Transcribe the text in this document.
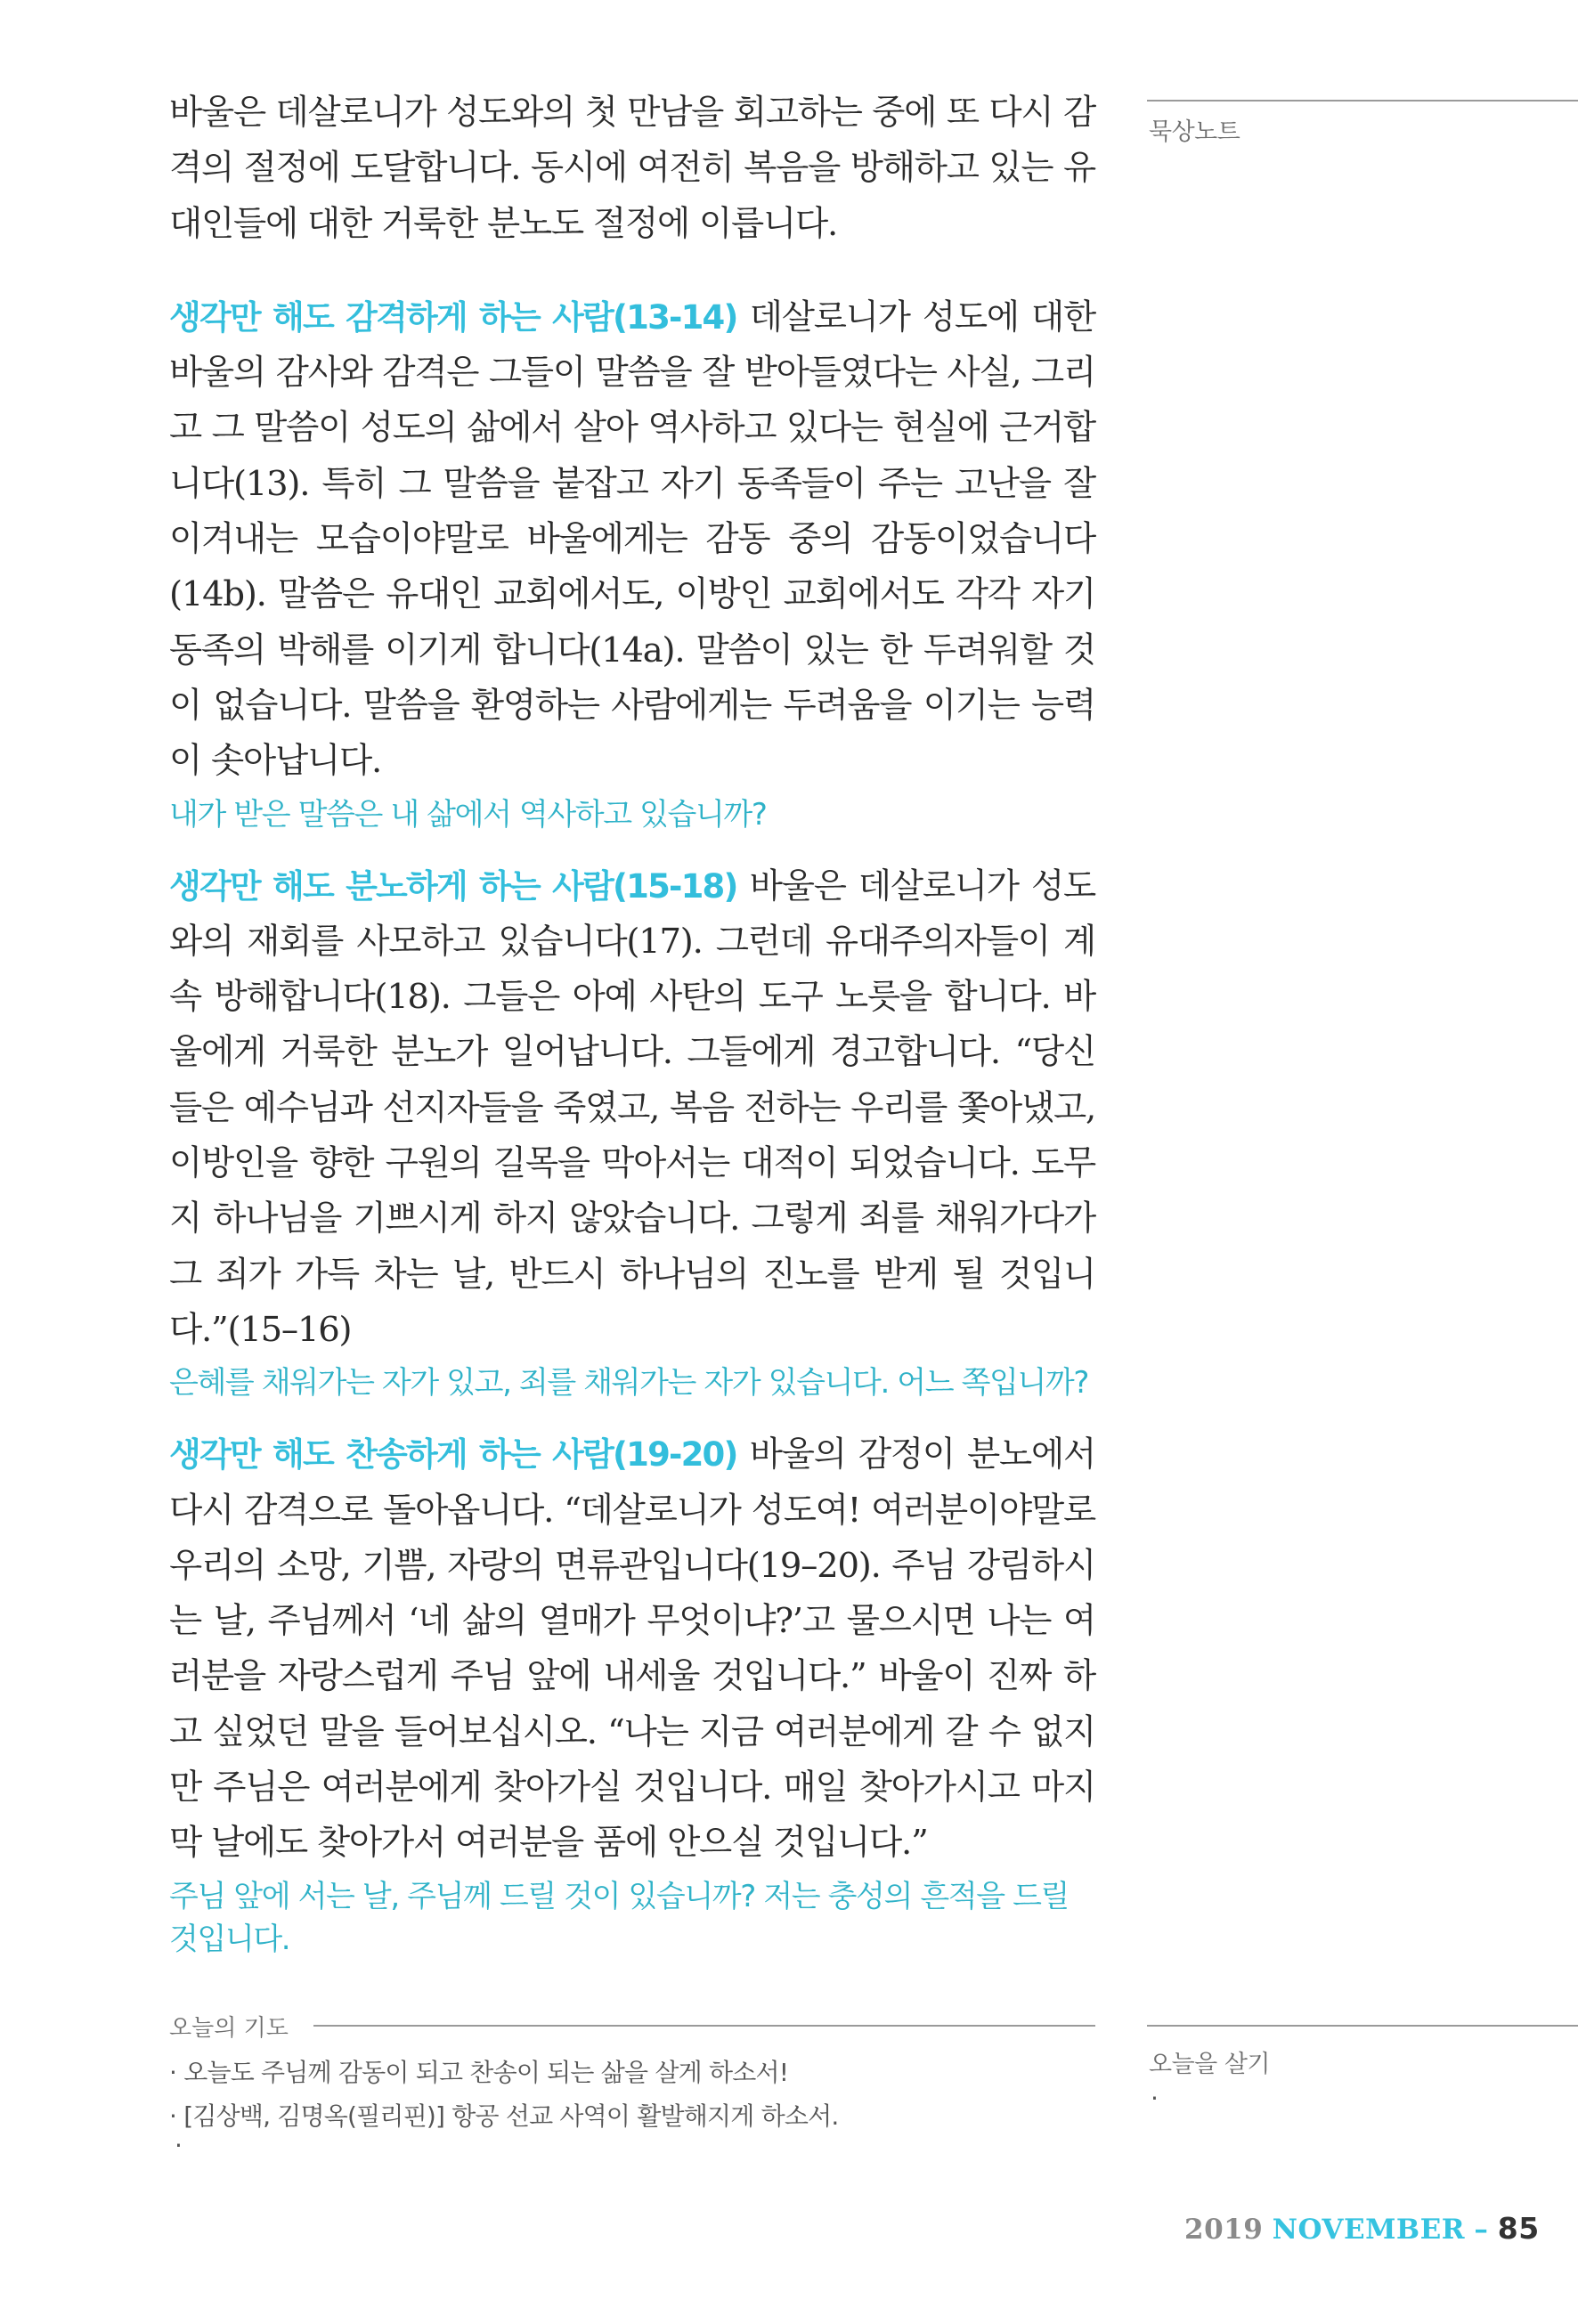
묵상노트

바울은 데살로니가 성도와의 첫 만남을 회고하는 중에 또 다시 감격의 절정에 도달합니다. 동시에 여전히 복음을 방해하고 있는 유대인들에 대한 거룩한 분노도 절정에 이릅니다.

생각만 해도 감격하게 하는 사람(13-14) 데살로니가 성도에 대한 바울의 감사와 감격은 그들이 말씀을 잘 받아들였다는 사실, 그리고 그 말씀이 성도의 삶에서 살아 역사하고 있다는 현실에 근거합니다(13). 특히 그 말씀을 붙잡고 자기 동족들이 주는 고난을 잘 이겨내는 모습이야말로 바울에게는 감동 중의 감동이었습니다(14b). 말씀은 유대인 교회에서도, 이방인 교회에서도 각각 자기 동족의 박해를 이기게 합니다(14a). 말씀이 있는 한 두려워할 것이 없습니다. 말씀을 환영하는 사람에게는 두려움을 이기는 능력이 솟아납니다.

내가 받은 말씀은 내 삶에서 역사하고 있습니까?

생각만 해도 분노하게 하는 사람(15-18) 바울은 데살로니가 성도와의 재회를 사모하고 있습니다(17). 그런데 유대주의자들이 계속 방해합니다(18). 그들은 아예 사탄의 도구 노릇을 합니다. 바울에게 거룩한 분노가 일어납니다. 그들에게 경고합니다. “당신들은 예수님과 선지자들을 죽였고, 복음 전하는 우리를 쫓아냈고, 이방인을 향한 구원의 길목을 막아서는 대적이 되었습니다. 도무지 하나님을 기쁘시게 하지 않았습니다. 그렇게 죄를 채워가다가 그 죄가 가득 차는 날, 반드시 하나님의 진노를 받게 될 것입니다.”(15–16)

은혜를 채워가는 자가 있고, 죄를 채워가는 자가 있습니다. 어느 쪽입니까?

생각만 해도 찬송하게 하는 사람(19-20) 바울의 감정이 분노에서 다시 감격으로 돌아옵니다. “데살로니가 성도여! 여러분이야말로 우리의 소망, 기쁨, 자랑의 면류관입니다(19–20). 주님 강림하시는 날, 주님께서 ‘네 삶의 열매가 무엇이냐?’고 물으시면 나는 여러분을 자랑스럽게 주님 앞에 내세울 것입니다.” 바울이 진짜 하고 싶었던 말을 들어보십시오. “나는 지금 여러분에게 갈 수 없지만 주님은 여러분에게 찾아가실 것입니다. 매일 찾아가시고 마지막 날에도 찾아가서 여러분을 품에 안으실 것입니다.”

주님 앞에 서는 날, 주님께 드릴 것이 있습니까? 저는 충성의 흔적을 드릴 것입니다.

오늘의 기도
· 오늘도 주님께 감동이 되고 찬송이 되는 삶을 살게 하소서!
· [김상백, 김명옥(필리핀)] 항공 선교 사역이 활발해지게 하소서.
·
오늘을 살기
·
2019 NOVEMBER – 85
